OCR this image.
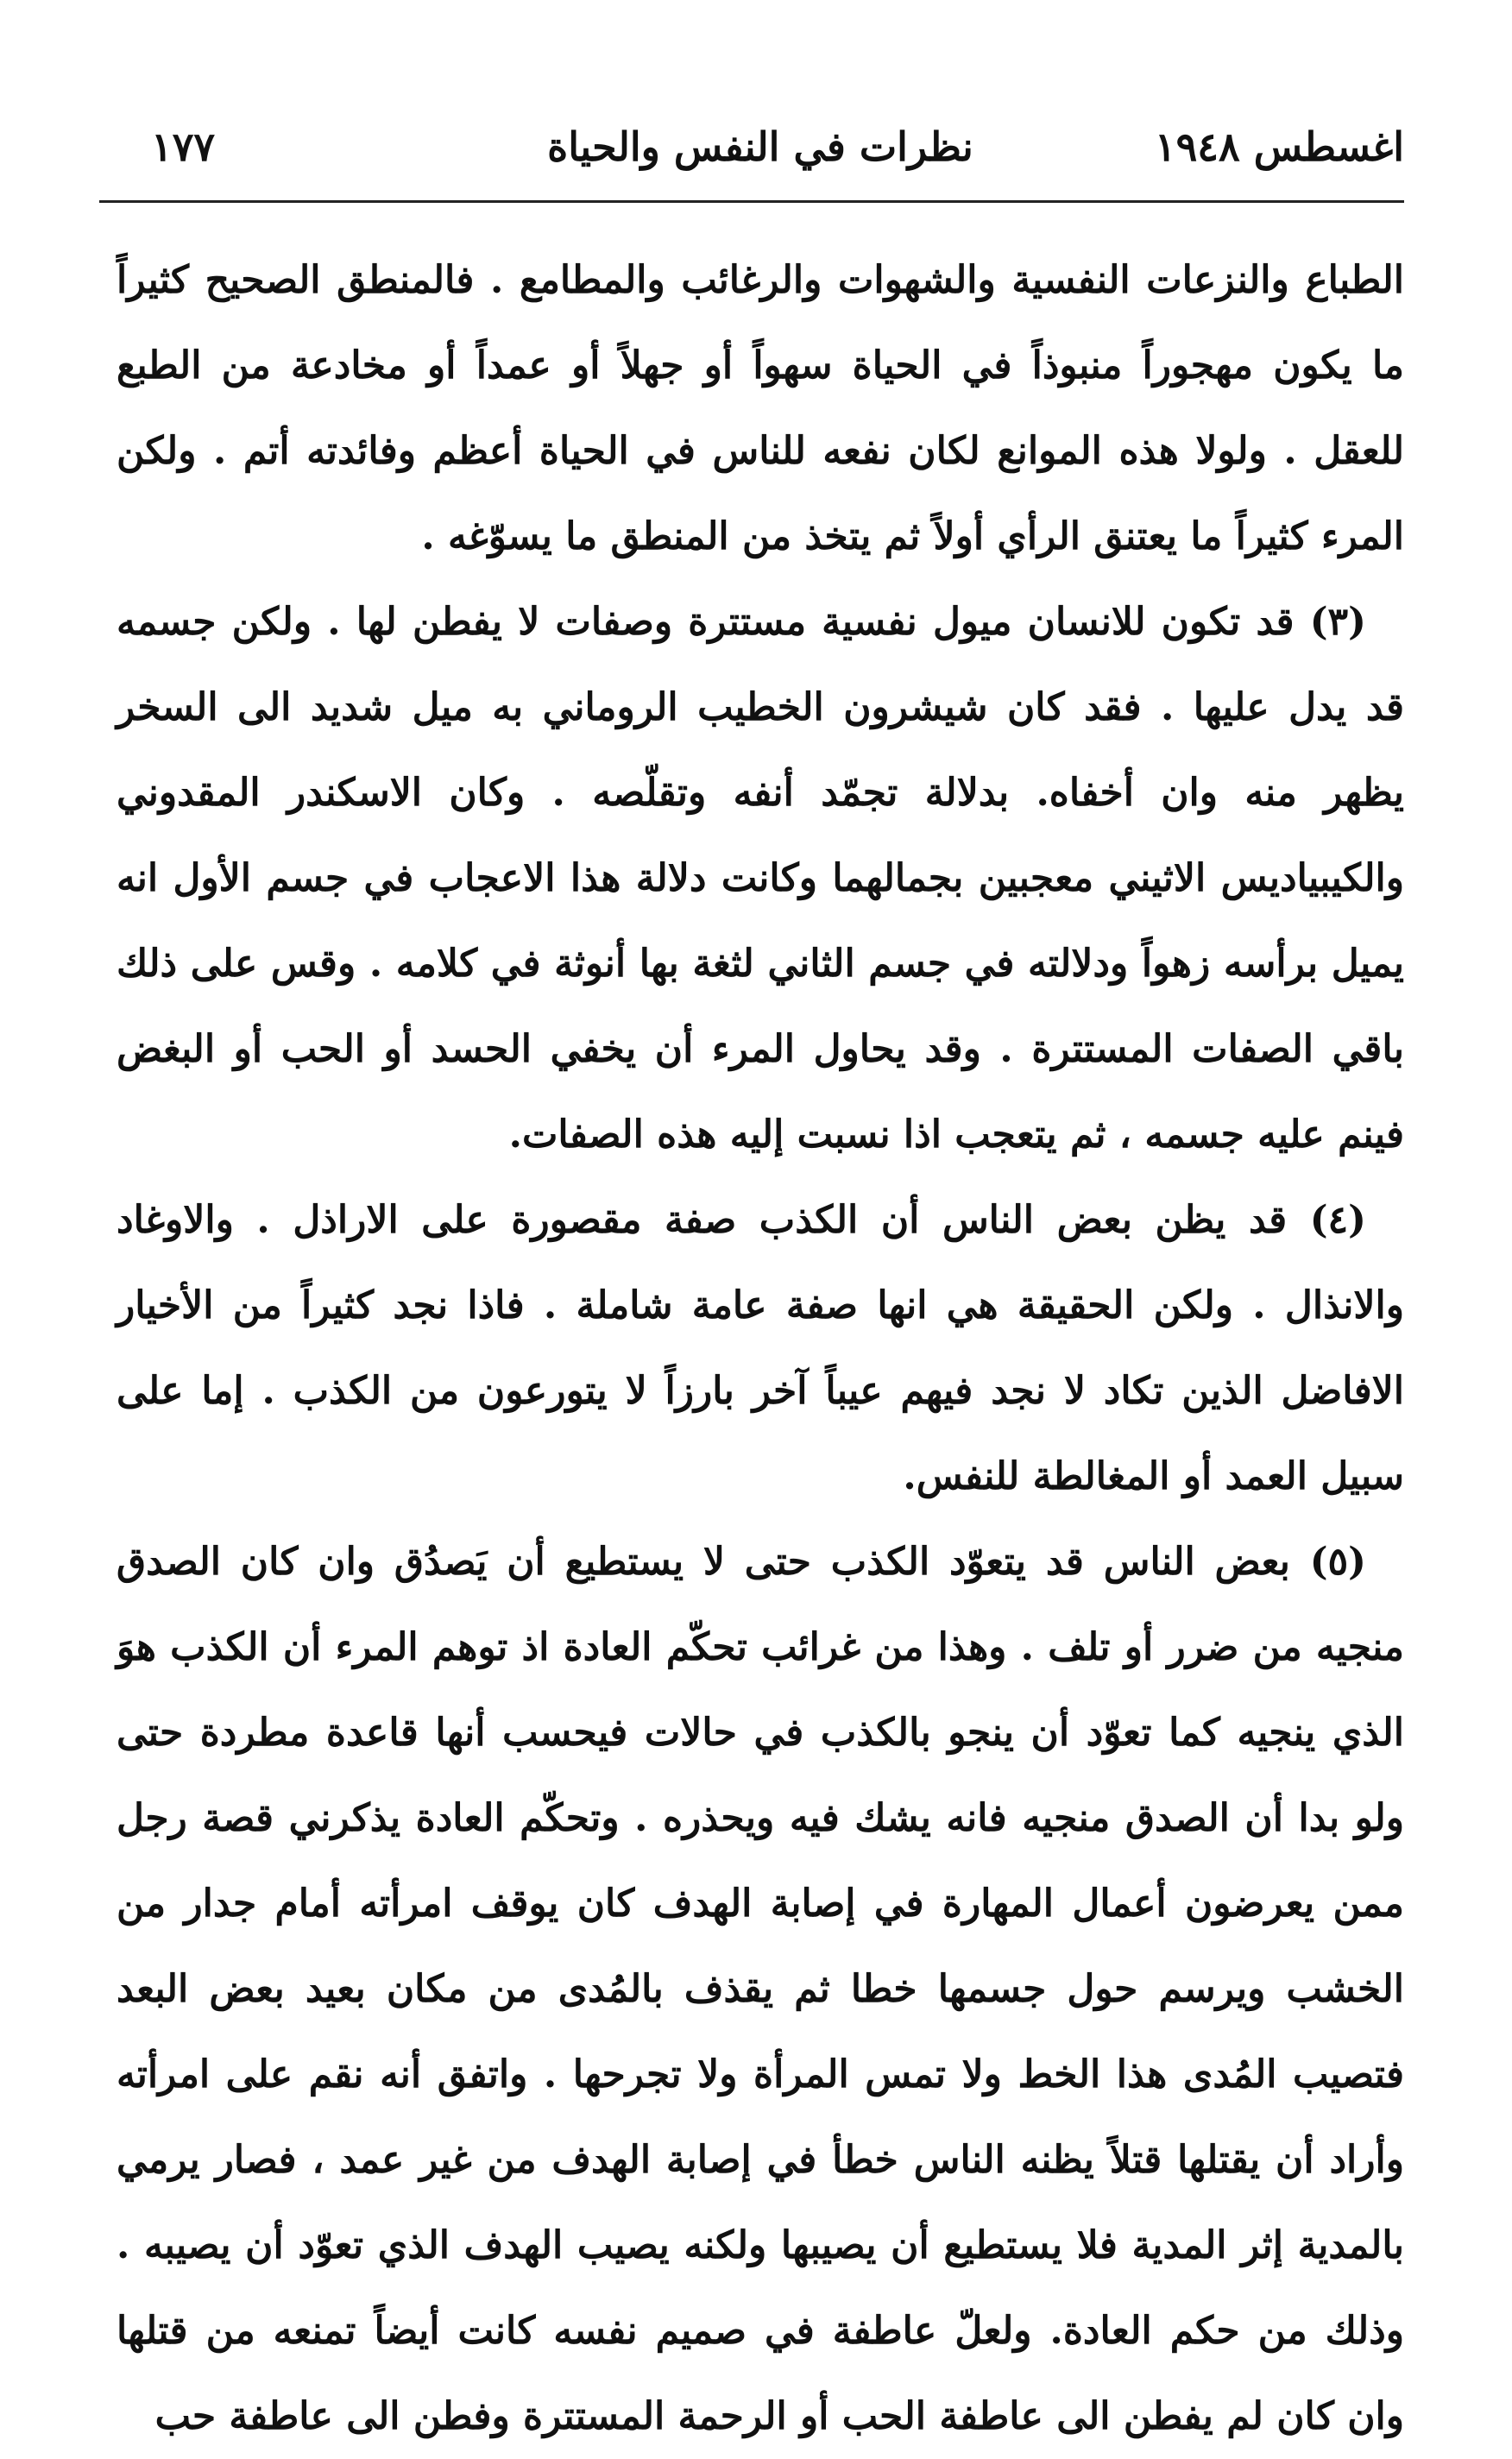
اغسطس ١٩٤٨
نظرات في النفس والحياة
١٧٧

الطباع والنزعات النفسية والشهوات والرغائب والمطامع . فالمنطق الصحيح كثيراً ما يكون مهجوراً منبوذاً في الحياة سهواً أو جهلاً أو عمداً أو مخادعة من الطبع للعقل . ولولا هذه الموانع لكان نفعه للناس في الحياة أعظم وفائدته أتم . ولكن المرء كثيراً ما يعتنق الرأي أولاً ثم يتخذ من المنطق ما يسوّغه .

(٣) قد تكون للانسان ميول نفسية مستترة وصفات لا يفطن لها . ولكن جسمه قد يدل عليها . فقد كان شيشرون الخطيب الروماني به ميل شديد الى السخر يظهر منه وان أخفاه. بدلالة تجمّد أنفه وتقلّصه . وكان الاسكندر المقدوني والكيبياديس الاثيني معجبين بجمالهما وكانت دلالة هذا الاعجاب في جسم الأول انه يميل برأسه زهواً ودلالته في جسم الثاني لثغة بها أنوثة في كلامه . وقس على ذلك باقي الصفات المستترة . وقد يحاول المرء أن يخفي الحسد أو الحب أو البغض فينم عليه جسمه ، ثم يتعجب اذا نسبت إليه هذه الصفات.

(٤) قد يظن بعض الناس أن الكذب صفة مقصورة على الاراذل . والاوغاد والانذال . ولكن الحقيقة هي انها صفة عامة شاملة . فاذا نجد كثيراً من الأخيار الافاضل الذين تكاد لا نجد فيهم عيباً آخر بارزاً لا يتورعون من الكذب . إما على سبيل العمد أو المغالطة للنفس.

(٥) بعض الناس قد يتعوّد الكذب حتى لا يستطيع أن يَصدُق وان كان الصدق منجيه من ضرر أو تلف . وهذا من غرائب تحكّم العادة اذ توهم المرء أن الكذب هوَ الذي ينجيه كما تعوّد أن ينجو بالكذب في حالات فيحسب أنها قاعدة مطردة حتى ولو بدا أن الصدق منجيه فانه يشك فيه ويحذره . وتحكّم العادة يذكرني قصة رجل ممن يعرضون أعمال المهارة في إصابة الهدف كان يوقف امرأته أمام جدار من الخشب ويرسم حول جسمها خطا ثم يقذف بالمُدى من مكان بعيد بعض البعد فتصيب المُدى هذا الخط ولا تمس المرأة ولا تجرحها . واتفق أنه نقم على امرأته وأراد أن يقتلها قتلاً يظنه الناس خطأ في إصابة الهدف من غير عمد ، فصار يرمي بالمدية إثر المدية فلا يستطيع أن يصيبها ولكنه يصيب الهدف الذي تعوّد أن يصيبه . وذلك من حكم العادة. ولعلّ عاطفة في صميم نفسه كانت أيضاً تمنعه من قتلها وان كان لم يفطن الى عاطفة الحب أو الرحمة المستترة وفطن الى عاطفة حب
